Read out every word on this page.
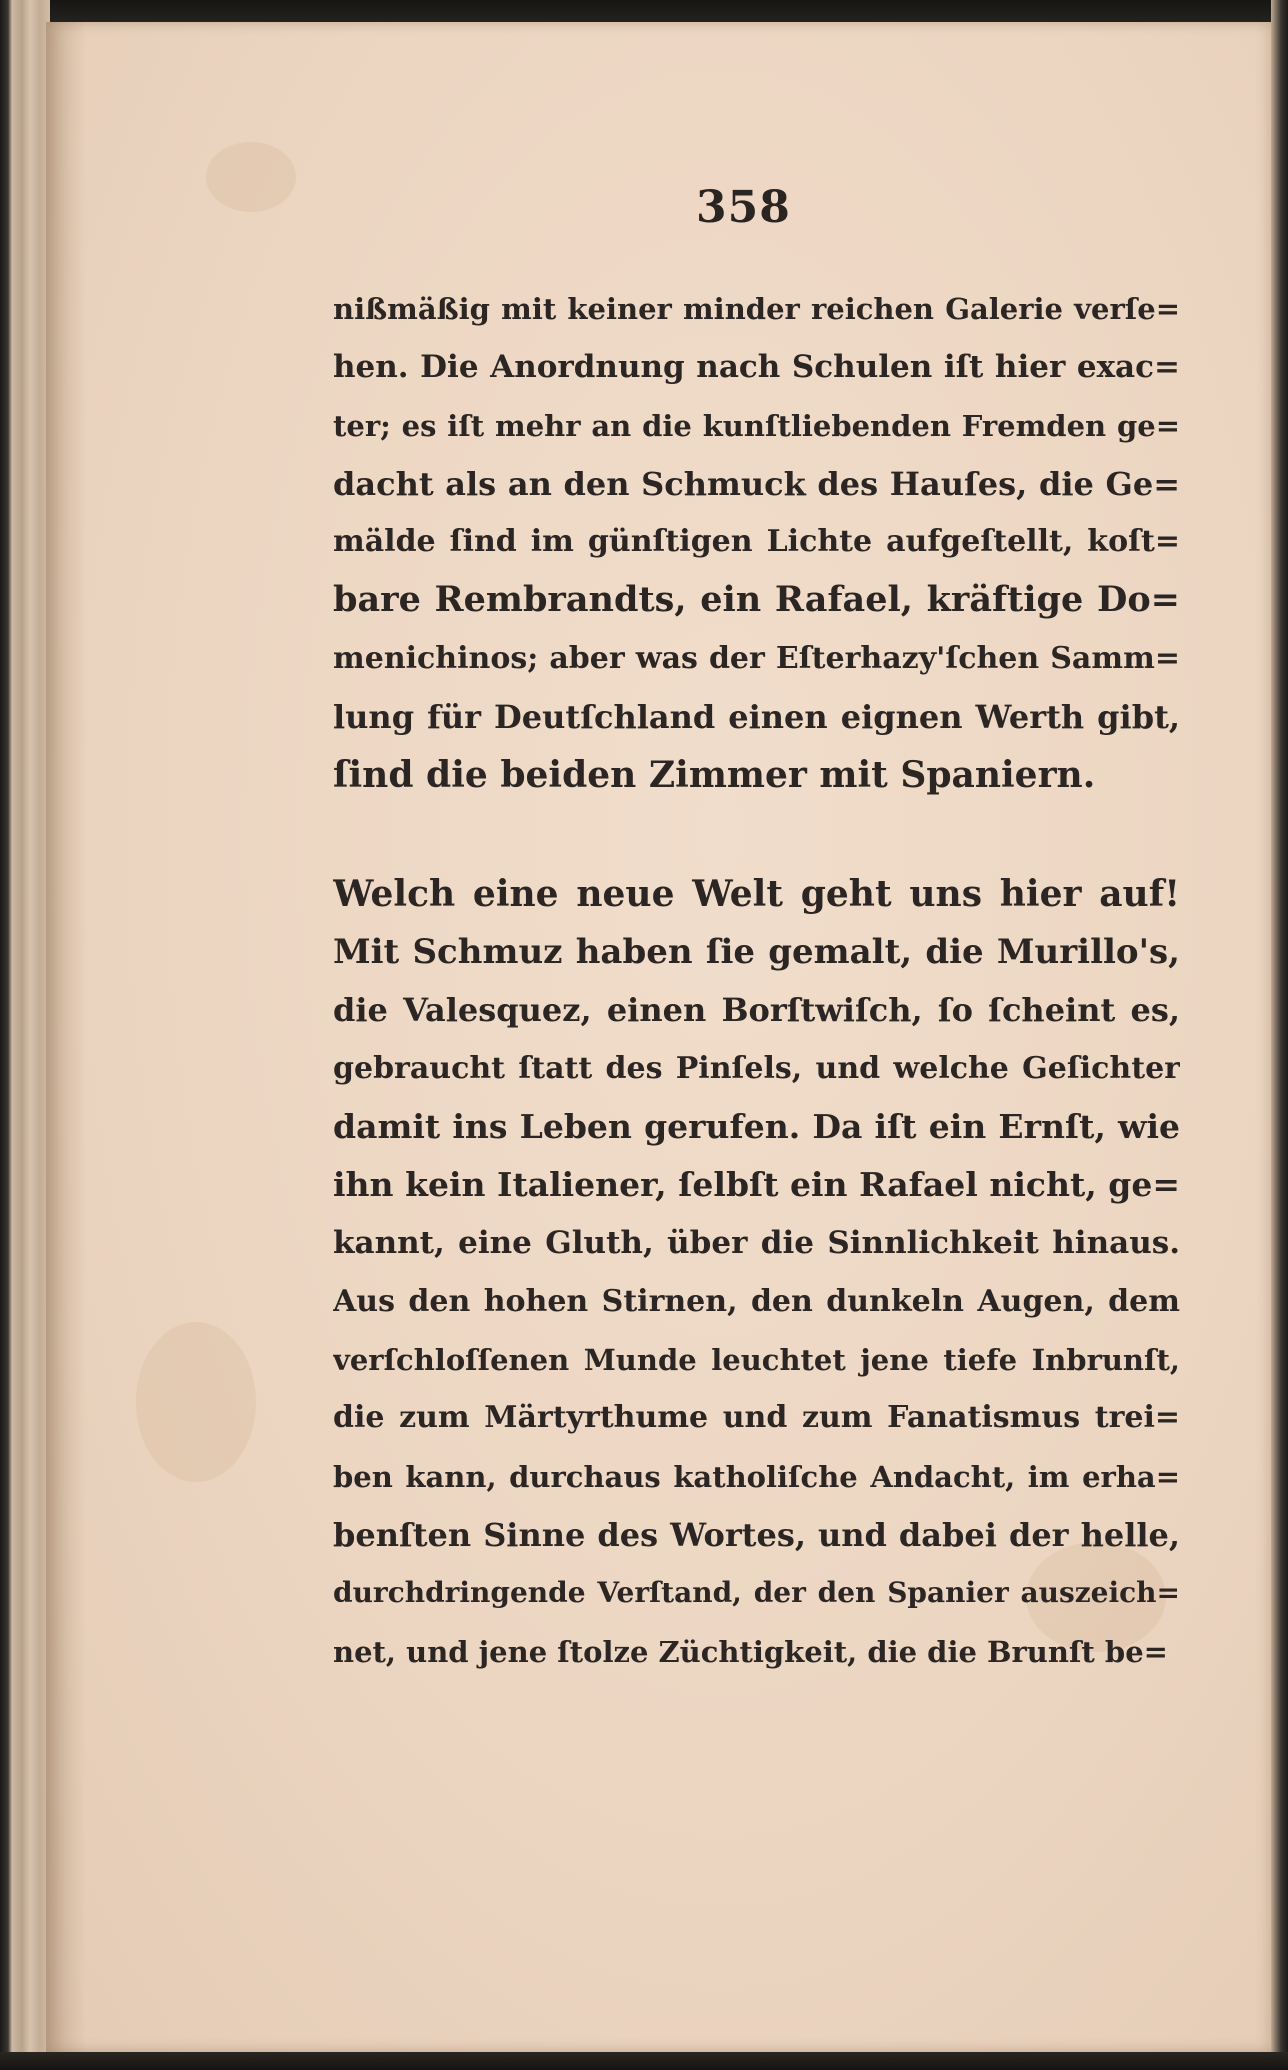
358
nißmäßig mit keiner minder reichen Galerie verſe=
hen. Die Anordnung nach Schulen iſt hier exac=
ter; es iſt mehr an die kunſtliebenden Fremden ge=
dacht als an den Schmuck des Hauſes, die Ge=
mälde ſind im günſtigen Lichte aufgeſtellt, koſt=
bare Rembrandts, ein Rafael, kräftige Do=
menichinos; aber was der Eſterhazy'ſchen Samm=
lung für Deutſchland einen eignen Werth gibt,
ſind die beiden Zimmer mit Spaniern.
Welch eine neue Welt geht uns hier auf!
Mit Schmuz haben ſie gemalt, die Murillo's,
die Valesquez, einen Borſtwiſch, ſo ſcheint es,
gebraucht ſtatt des Pinſels, und welche Geſichter
damit ins Leben gerufen. Da iſt ein Ernſt, wie
ihn kein Italiener, ſelbſt ein Rafael nicht, ge=
kannt, eine Gluth, über die Sinnlichkeit hinaus.
Aus den hohen Stirnen, den dunkeln Augen, dem
verſchloſſenen Munde leuchtet jene tiefe Inbrunſt,
die zum Märtyrthume und zum Fanatismus trei=
ben kann, durchaus katholiſche Andacht, im erha=
benſten Sinne des Wortes, und dabei der helle,
durchdringende Verſtand, der den Spanier auszeich=
net, und jene ſtolze Züchtigkeit, die die Brunſt be=
